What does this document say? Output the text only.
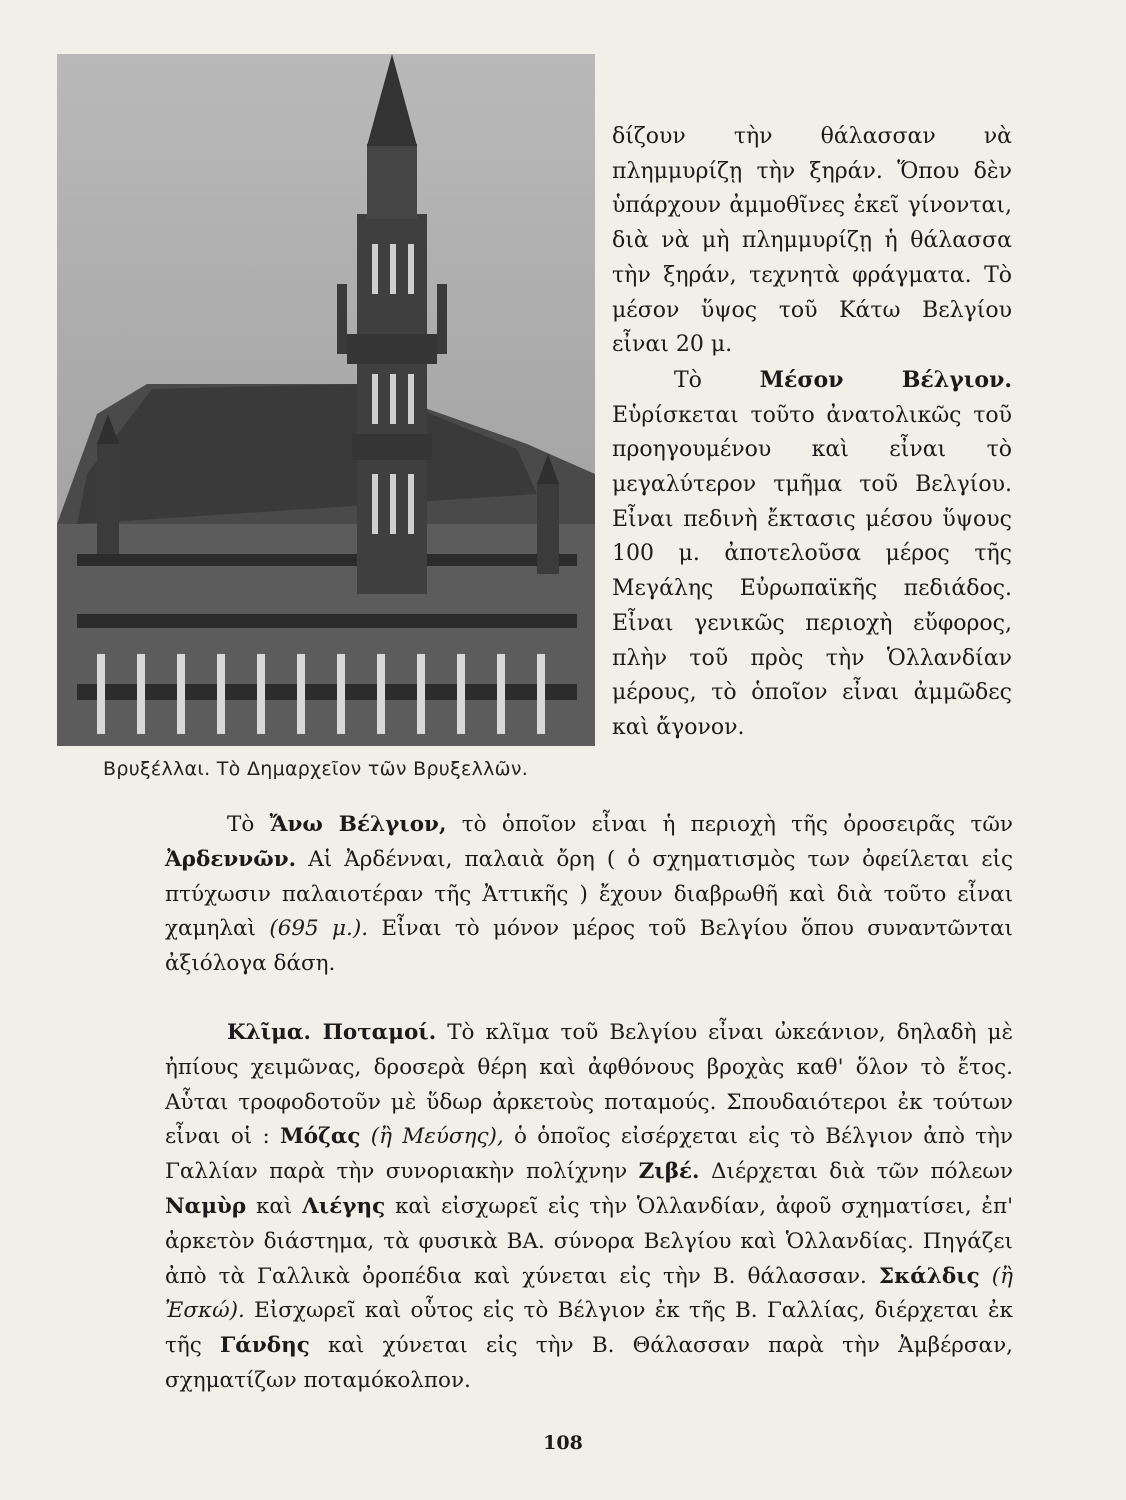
Βρυξέλλαι. Τὸ Δημαρχεῖον τῶν Βρυξελλῶν.

δίζουν τὴν θάλασσαν νὰ πλημμυρίζῃ τὴν ξηράν. Ὅπου δὲν ὑπάρχουν ἀμμοθῖνες ἐκεῖ γίνονται, διὰ νὰ μὴ πλημμυρίζῃ ἡ θάλασσα τὴν ξηράν, τεχνητὰ φράγματα. Τὸ μέσον ὕψος τοῦ Κάτω Βελγίου εἶναι 20 μ.

Τὸ	Μέσον Βέλγιον. Εὑρίσκεται τοῦτο ἀνατολικῶς τοῦ προηγουμένου καὶ εἶναι τὸ μεγαλύτερον τμῆμα τοῦ Βελγίου. Εἶναι πεδινὴ ἔκτασις μέσου ὕψους 100 μ. ἀποτελοῦσα μέρος τῆς Μεγάλης Εὐρωπαϊκῆς πεδιάδος. Εἶναι γενικῶς περιοχὴ εὔφορος, πλὴν τοῦ πρὸς τὴν Ὁλλανδίαν μέρους, τὸ ὁποῖον εἶναι ἀμμῶδες καὶ ἄγονον.

Τὸ Ἄνω Βέλγιον, τὸ ὁποῖον εἶναι ἡ περιοχὴ τῆς ὀροσειρᾶς τῶν Ἀρδεννῶν. Αἱ Ἀρδένναι, παλαιὰ ὄρη ( ὁ σχηματισμὸς των ὀφείλεται εἰς πτύχωσιν παλαιοτέραν τῆς Ἀττικῆς ) ἔχουν διαβρωθῆ καὶ διὰ τοῦτο εἶναι χαμηλαὶ (695 μ.). Εἶναι τὸ μόνον μέρος τοῦ Βελγίου ὅπου συναντῶνται ἀξιόλογα δάση.

Κλῖμα. Ποταμοί. Τὸ κλῖμα τοῦ Βελγίου εἶναι ὠκεάνιον, δηλαδὴ μὲ ἠπίους χειμῶνας, δροσερὰ θέρη καὶ ἀφθόνους βροχὰς καθ' ὅλον τὸ ἔτος. Αὗται τροφοδοτοῦν μὲ ὕδωρ ἀρκετοὺς ποταμούς. Σπουδαιότεροι ἐκ τούτων εἶναι οἱ : Μόζας (ἢ Μεύσης), ὁ ὁποῖος εἰσέρχεται εἰς τὸ Βέλγιον ἀπὸ τὴν Γαλλίαν παρὰ τὴν συνοριακὴν πολίχνην Ζιβέ. Διέρχεται διὰ τῶν πόλεων Ναμὺρ καὶ Λιέγης καὶ εἰσχωρεῖ εἰς τὴν Ὁλλανδίαν, ἀφοῦ σχηματίσει, ἐπ' ἀρκετὸν διάστημα, τὰ φυσικὰ ΒΑ. σύνορα Βελγίου καὶ Ὁλλανδίας. Πηγάζει ἀπὸ τὰ Γαλλικὰ ὀροπέδια καὶ χύνεται εἰς τὴν Β. θάλασσαν. Σκάλδις (ἢ Ἐσκώ). Εἰσχωρεῖ καὶ οὗτος εἰς τὸ Βέλγιον ἐκ τῆς Β. Γαλλίας, διέρχεται ἐκ τῆς Γάνδης καὶ χύνεται εἰς τὴν Β. Θάλασσαν παρὰ τὴν Ἀμβέρσαν, σχηματίζων ποταμόκολπον.

108
